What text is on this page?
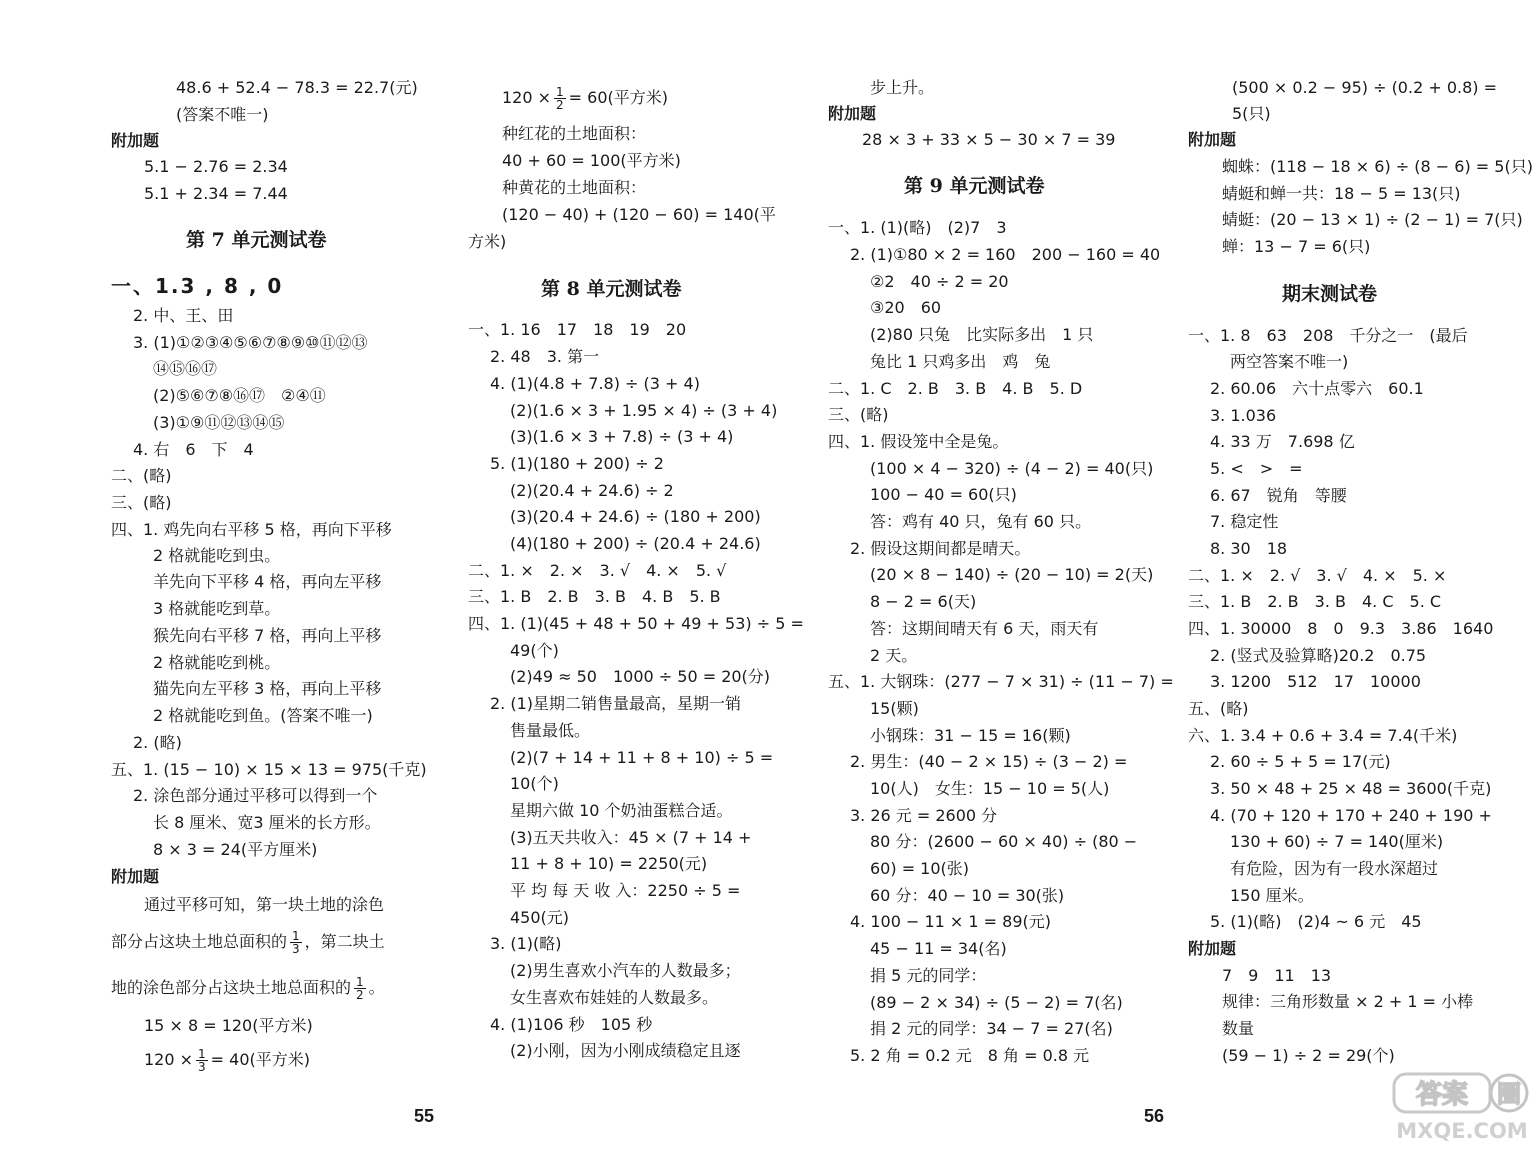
48.6 + 52.4 − 78.3 = 22.7(元)
(答案不唯一)
附加题
5.1 − 2.76 = 2.34
5.1 + 2.34 = 7.44
第 7 单元测试卷
一、1.3 , 8 , 0
2. 中、王、田
3. (1)①②③④⑤⑥⑦⑧⑨⑩⑪⑫⑬
⑭⑮⑯⑰
(2)⑤⑥⑦⑧⑯⑰　②④⑪
(3)①⑨⑪⑫⑬⑭⑮
4. 右　6　下　4
二、(略)
三、(略)
四、1. 鸡先向右平移 5 格，再向下平移
2 格就能吃到虫。
羊先向下平移 4 格，再向左平移
3 格就能吃到草。
猴先向右平移 7 格，再向上平移
2 格就能吃到桃。
猫先向左平移 3 格，再向上平移
2 格就能吃到鱼。(答案不唯一)
2. (略)
五、1. (15 − 10) × 15 × 13 = 975(千克)
2. 涂色部分通过平移可以得到一个
长 8 厘米、宽3 厘米的长方形。
8 × 3 = 24(平方厘米)
附加题
通过平移可知，第一块土地的涂色
部分占这块土地总面积的 $\frac{1}{3}$ ，第二块土
地的涂色部分占这块土地总面积的 $\frac{1}{2}$ 。
15 × 8 = 120(平方米)
$120 \times \frac{1}{3} = 40$(平方米)
$120 \times \frac{1}{2} = 60$(平方米)
种红花的土地面积：
40 + 60 = 100(平方米)
种黄花的土地面积：
(120 − 40) + (120 − 60) = 140(平
方米)
第 8 单元测试卷
一、1. 16　17　18　19　20
2. 48　3. 第一
4. (1)(4.8 + 7.8) ÷ (3 + 4)
(2)(1.6 × 3 + 1.95 × 4) ÷ (3 + 4)
(3)(1.6 × 3 + 7.8) ÷ (3 + 4)
5. (1)(180 + 200) ÷ 2
(2)(20.4 + 24.6) ÷ 2
(3)(20.4 + 24.6) ÷ (180 + 200)
(4)(180 + 200) ÷ (20.4 + 24.6)
二、1. ×　2. ×　3. √　4. ×　5. √
三、1. B　2. B　3. B　4. B　5. B
四、1. (1)(45 + 48 + 50 + 49 + 53) ÷ 5 =
49(个)
(2)49 ≈ 50　1000 ÷ 50 = 20(分)
2. (1)星期二销售量最高，星期一销
售量最低。
(2)(7 + 14 + 11 + 8 + 10) ÷ 5 =
10(个)
星期六做 10 个奶油蛋糕合适。
(3)五天共收入：45 × (7 + 14 +
11 + 8 + 10) = 2250(元)
平 均 每 天 收 入：2250 ÷ 5 =
450(元)
3. (1)(略)
(2)男生喜欢小汽车的人数最多；
女生喜欢布娃娃的人数最多。
4. (1)106 秒　105 秒
(2)小刚，因为小刚成绩稳定且逐
55
步上升。
附加题
28 × 3 + 33 × 5 − 30 × 7 = 39
第 9 单元测试卷
一、1. (1)(略)　(2)7　3
2. (1)①80 × 2 = 160　200 − 160 = 40
②2　40 ÷ 2 = 20
③20　60
(2)80 只兔　比实际多出　1 只
兔比 1 只鸡多出　鸡　兔
二、1. C　2. B　3. B　4. B　5. D
三、(略)
四、1. 假设笼中全是兔。
(100 × 4 − 320) ÷ (4 − 2) = 40(只)
100 − 40 = 60(只)
答：鸡有 40 只，兔有 60 只。
2. 假设这期间都是晴天。
(20 × 8 − 140) ÷ (20 − 10) = 2(天)
8 − 2 = 6(天)
答：这期间晴天有 6 天，雨天有
2 天。
五、1. 大钢珠：(277 − 7 × 31) ÷ (11 − 7) =
15(颗)
小钢珠：31 − 15 = 16(颗)
2. 男生：(40 − 2 × 15) ÷ (3 − 2) =
10(人)　女生：15 − 10 = 5(人)
3. 26 元 = 2600 分
80 分：(2600 − 60 × 40) ÷ (80 −
60) = 10(张)
60 分：40 − 10 = 30(张)
4. 100 − 11 × 1 = 89(元)
45 − 11 = 34(名)
捐 5 元的同学：
(89 − 2 × 34) ÷ (5 − 2) = 7(名)
捐 2 元的同学：34 − 7 = 27(名)
5. 2 角 = 0.2 元　8 角 = 0.8 元
56
(500 × 0.2 − 95) ÷ (0.2 + 0.8) =
5(只)
附加题
蜘蛛：(118 − 18 × 6) ÷ (8 − 6) = 5(只)
蜻蜓和蝉一共：18 − 5 = 13(只)
蜻蜓：(20 − 13 × 1) ÷ (2 − 1) = 7(只)
蝉：13 − 7 = 6(只)
期末测试卷
一、1. 8　63　208　千分之一　(最后
两空答案不唯一)
2. 60.06　六十点零六　60.1
3. 1.036
4. 33 万　7.698 亿
5. <　>　=
6. 67　锐角　等腰
7. 稳定性
8. 30　18
二、1. ×　2. √　3. √　4. ×　5. ×
三、1. B　2. B　3. B　4. C　5. C
四、1. 30000　8　0　9.3　3.86　1640
2. (竖式及验算略)20.2　0.75
3. 1200　512　17　10000
五、(略)
六、1. 3.4 + 0.6 + 3.4 = 7.4(千米)
2. 60 ÷ 5 + 5 = 17(元)
3. 50 × 48 + 25 × 48 = 3600(千克)
4. (70 + 120 + 170 + 240 + 190 +
130 + 60) ÷ 7 = 140(厘米)
有危险，因为有一段水深超过
150 厘米。
5. (1)(略)　(2)4 ~ 6 元　45
附加题
7　9　11　13
规律：三角形数量 × 2 + 1 = 小棒
数量
(59 − 1) ÷ 2 = 29(个)
答案 圈
MXQE.COM
